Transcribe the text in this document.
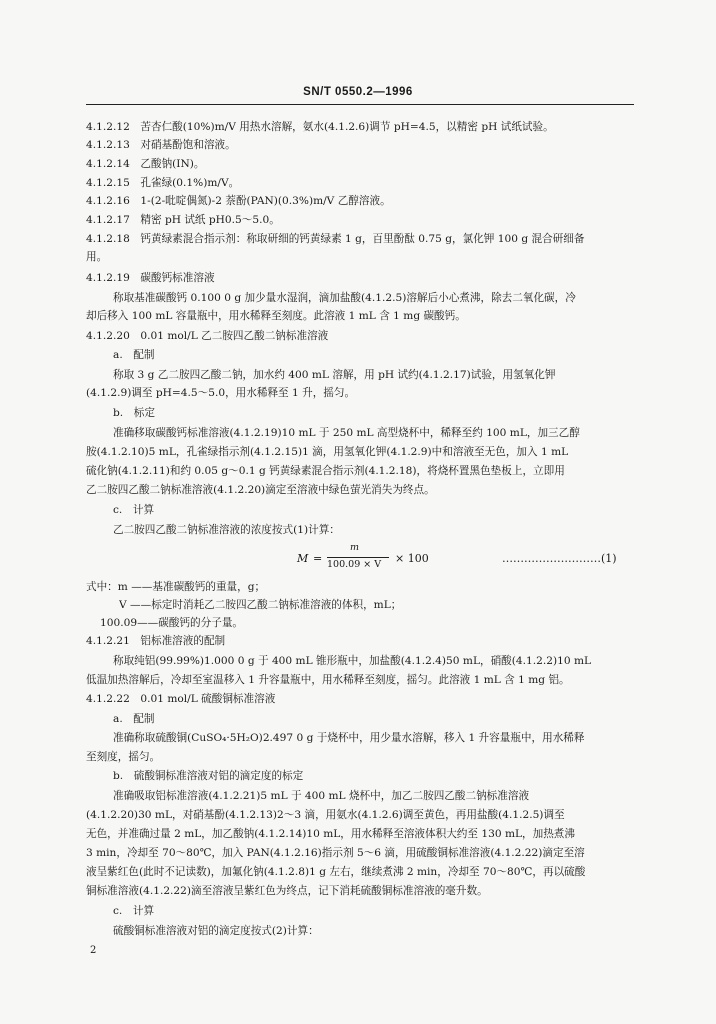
SN/T 0550.2—1996
4.1.2.12　苦杏仁酸(10%)m/V 用热水溶解，氨水(4.1.2.6)调节 pH=4.5，以精密 pH 试纸试验。
4.1.2.13　对硝基酚饱和溶液。
4.1.2.14　乙酸钠(IN)。
4.1.2.15　孔雀绿(0.1%)m/V。
4.1.2.16　1-(2-吡啶偶氮)-2 萘酚(PAN)(0.3%)m/V 乙醇溶液。
4.1.2.17　精密 pH 试纸 pH0.5～5.0。
4.1.2.18　钙黄绿素混合指示剂：称取研细的钙黄绿素 1 g，百里酚酞 0.75 g，氯化钾 100 g 混合研细备
用。
4.1.2.19　碳酸钙标准溶液
称取基准碳酸钙 0.100 0 g 加少量水湿润，滴加盐酸(4.1.2.5)溶解后小心煮沸，除去二氧化碳，冷
却后移入 100 mL 容量瓶中，用水稀释至刻度。此溶液 1 mL 含 1 mg 碳酸钙。
4.1.2.20　0.01 mol/L 乙二胺四乙酸二钠标准溶液
a.　配制
称取 3 g 乙二胺四乙酸二钠，加水约 400 mL 溶解，用 pH 试约(4.1.2.17)试验，用氢氧化钾
(4.1.2.9)调至 pH=4.5～5.0，用水稀释至 1 升，摇匀。
b.　标定
准确移取碳酸钙标准溶液(4.1.2.19)10 mL 于 250 mL 高型烧杯中，稀释至约 100 mL，加三乙醇
胺(4.1.2.10)5 mL，孔雀绿指示剂(4.1.2.15)1 滴，用氢氧化钾(4.1.2.9)中和溶液至无色，加入 1 mL
硫化钠(4.1.2.11)和约 0.05 g～0.1 g 钙黄绿素混合指示剂(4.1.2.18)，将烧杯置黑色垫板上，立即用
乙二胺四乙酸二钠标准溶液(4.1.2.20)滴定至溶液中绿色萤光消失为终点。
c.　计算
乙二胺四乙酸二钠标准溶液的浓度按式(1)计算：
M =
m
100.09 × V × 100	………………………(1)
式中：m ——基准碳酸钙的重量，g；
V ——标定时消耗乙二胺四乙酸二钠标准溶液的体积，mL；
100.09——碳酸钙的分子量。
4.1.2.21　铝标准溶液的配制
称取纯铝(99.99%)1.000 0 g 于 400 mL 锥形瓶中，加盐酸(4.1.2.4)50 mL，硝酸(4.1.2.2)10 mL
低温加热溶解后，冷却至室温移入 1 升容量瓶中，用水稀释至刻度，摇匀。此溶液 1 mL 含 1 mg 铝。
4.1.2.22　0.01 mol/L 硫酸铜标准溶液
a.　配制
准确称取硫酸铜(CuSO₄·5H₂O)2.497 0 g 于烧杯中，用少量水溶解，移入 1 升容量瓶中，用水稀释
至刻度，摇匀。
b.　硫酸铜标准溶液对铝的滴定度的标定
准确吸取铝标准溶液(4.1.2.21)5 mL 于 400 mL 烧杯中，加乙二胺四乙酸二钠标准溶液
(4.1.2.20)30 mL，对硝基酚(4.1.2.13)2～3 滴，用氨水(4.1.2.6)调至黄色，再用盐酸(4.1.2.5)调至
无色，并准确过量 2 mL，加乙酸钠(4.1.2.14)10 mL，用水稀释至溶液体积大约至 130 mL，加热煮沸
3 min，冷却至 70～80℃，加入 PAN(4.1.2.16)指示剂 5～6 滴，用硫酸铜标准溶液(4.1.2.22)滴定至溶
液呈紫红色(此时不记读数)，加氟化钠(4.1.2.8)1 g 左右，继续煮沸 2 min，冷却至 70～80℃，再以硫酸
铜标准溶液(4.1.2.22)滴至溶液呈紫红色为终点，记下消耗硫酸铜标准溶液的毫升数。
c.　计算
硫酸铜标准溶液对铝的滴定度按式(2)计算：
2
